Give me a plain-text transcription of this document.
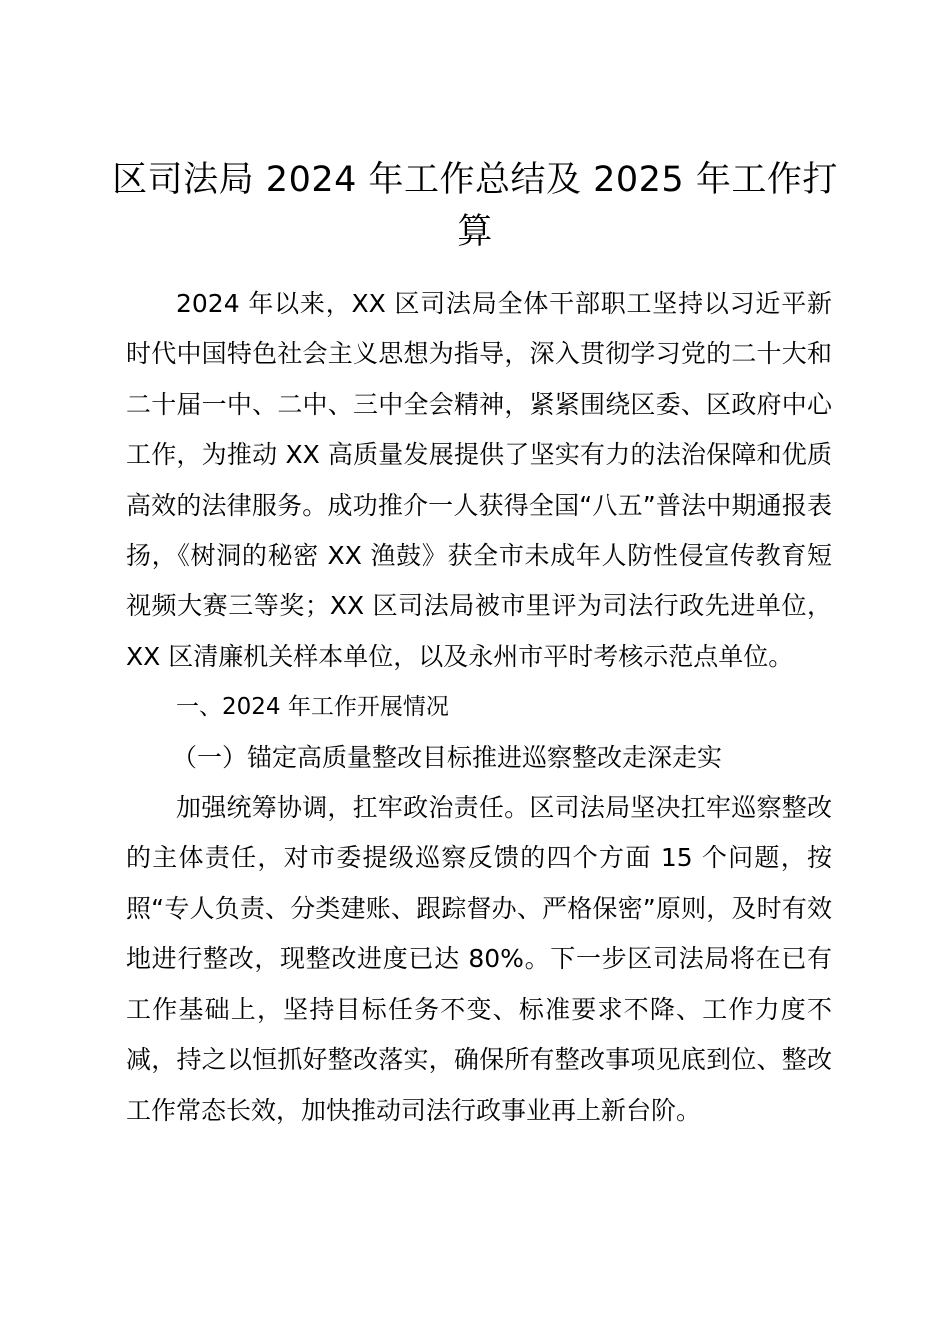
区司法局 2024 年工作总结及 2025 年工作打算

2024 年以来，XX 区司法局全体干部职工坚持以习近平新时代中国特色社会主义思想为指导，深入贯彻学习党的二十大和二十届一中、二中、三中全会精神，紧紧围绕区委、区政府中心工作，为推动 XX 高质量发展提供了坚实有力的法治保障和优质高效的法律服务。成功推介一人获得全国“八五”普法中期通报表扬，《树洞的秘密 XX 渔鼓》获全市未成年人防性侵宣传教育短视频大赛三等奖；XX 区司法局被市里评为司法行政先进单位，XX 区清廉机关样本单位，以及永州市平时考核示范点单位。

一、2024 年工作开展情况

（一）锚定高质量整改目标推进巡察整改走深走实

加强统筹协调，扛牢政治责任。区司法局坚决扛牢巡察整改的主体责任，对市委提级巡察反馈的四个方面 15 个问题，按照“专人负责、分类建账、跟踪督办、严格保密”原则，及时有效地进行整改，现整改进度已达 80%。下一步区司法局将在已有工作基础上，坚持目标任务不变、标准要求不降、工作力度不减，持之以恒抓好整改落实，确保所有整改事项见底到位、整改工作常态长效，加快推动司法行政事业再上新台阶。
